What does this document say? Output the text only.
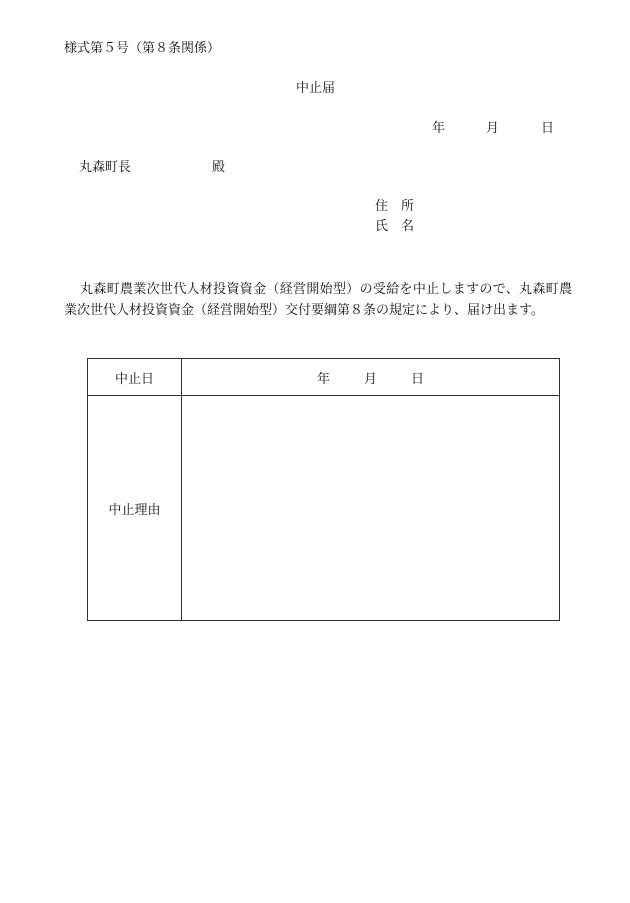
様式第５号（第８条関係）
中止届
年	月	日
丸森町長	殿
住所
氏名
丸森町農業次世代人材投資資金（経営開始型）の受給を中止しますので、丸森町農業次世代人材投資資金（経営開始型）交付要綱第８条の規定により、届け出ます。
中止日	年 月 日
中止理由	
